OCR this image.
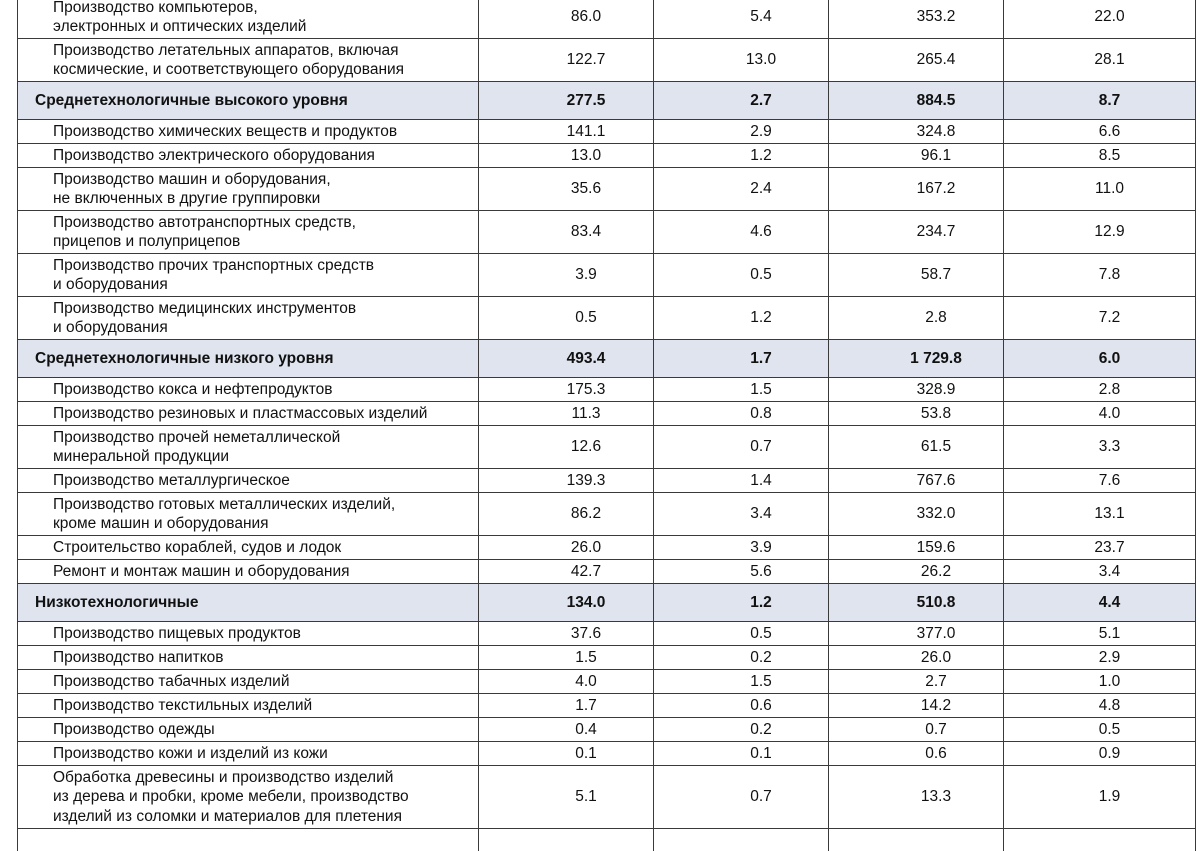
Производство компьютеров,
электронных и оптических изделий	86.0	5.4	353.2	22.0

Производство летательных аппаратов, включая
космические, и соответствующего оборудования	122.7	13.0	265.4	28.1

Среднетехнологичные высокого уровня	277.5	2.7	884.5	8.7

Производство химических веществ и продуктов	141.1	2.9	324.8	6.6

Производство электрического оборудования	13.0	1.2	96.1	8.5

Производство машин и оборудования,
не включенных в другие группировки	35.6	2.4	167.2	11.0

Производство автотранспортных средств,
прицепов и полуприцепов	83.4	4.6	234.7	12.9

Производство прочих транспортных средств
и оборудования	3.9	0.5	58.7	7.8

Производство медицинских инструментов
и оборудования	0.5	1.2	2.8	7.2

Среднетехнологичные низкого уровня	493.4	1.7	1 729.8	6.0

Производство кокса и нефтепродуктов	175.3	1.5	328.9	2.8

Производство резиновых и пластмассовых изделий	11.3	0.8	53.8	4.0

Производство прочей неметаллической
минеральной продукции	12.6	0.7	61.5	3.3

Производство металлургическое	139.3	1.4	767.6	7.6

Производство готовых металлических изделий,
кроме машин и оборудования	86.2	3.4	332.0	13.1

Строительство кораблей, судов и лодок	26.0	3.9	159.6	23.7

Ремонт и монтаж машин и оборудования	42.7	5.6	26.2	3.4

Низкотехнологичные	134.0	1.2	510.8	4.4

Производство пищевых продуктов	37.6	0.5	377.0	5.1

Производство напитков	1.5	0.2	26.0	2.9

Производство табачных изделий	4.0	1.5	2.7	1.0

Производство текстильных изделий	1.7	0.6	14.2	4.8

Производство одежды	0.4	0.2	0.7	0.5

Производство кожи и изделий из кожи	0.1	0.1	0.6	0.9

Обработка древесины и производство изделий
из дерева и пробки, кроме мебели, производство
изделий из соломки и материалов для плетения	5.1	0.7	13.3	1.9
